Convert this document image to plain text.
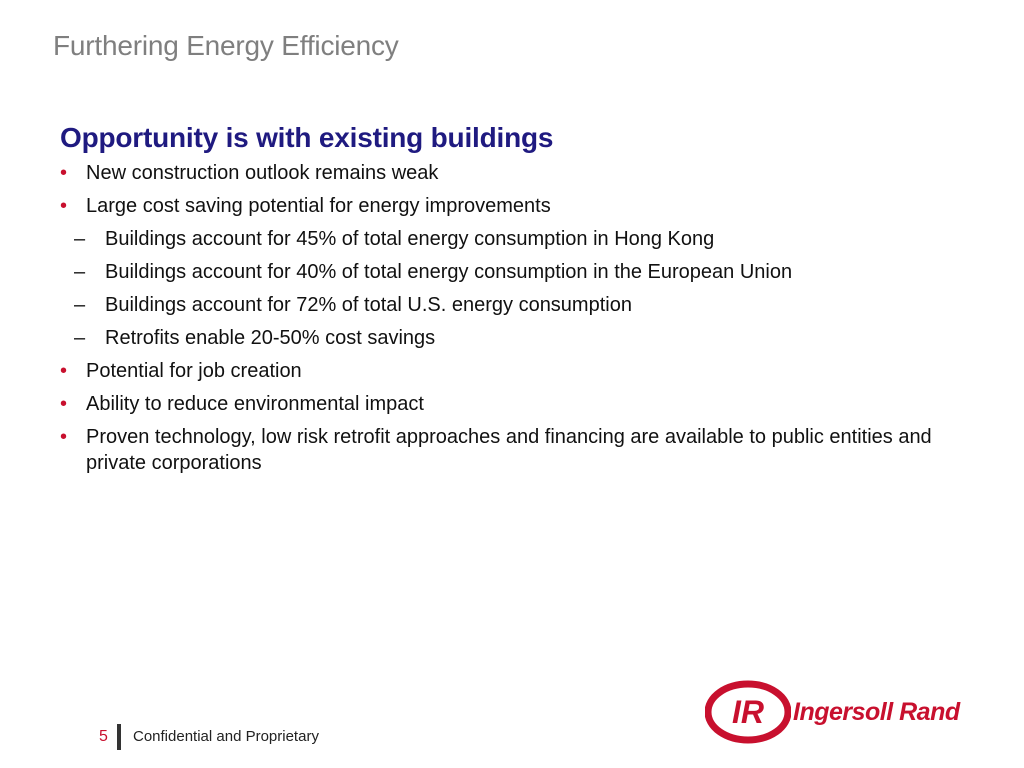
Furthering Energy Efficiency
Opportunity is with existing buildings
• New construction outlook remains weak
• Large cost saving potential for energy improvements
– Buildings account for 45% of total energy consumption in Hong Kong
– Buildings account for 40% of total energy consumption in the European Union
– Buildings account for 72% of total U.S. energy consumption
– Retrofits enable 20-50% cost savings
• Potential for job creation
• Ability to reduce environmental impact
• Proven technology, low risk retrofit approaches and financing are available to public entities and private corporations
5 Confidential and Proprietary
IR Ingersoll Rand
